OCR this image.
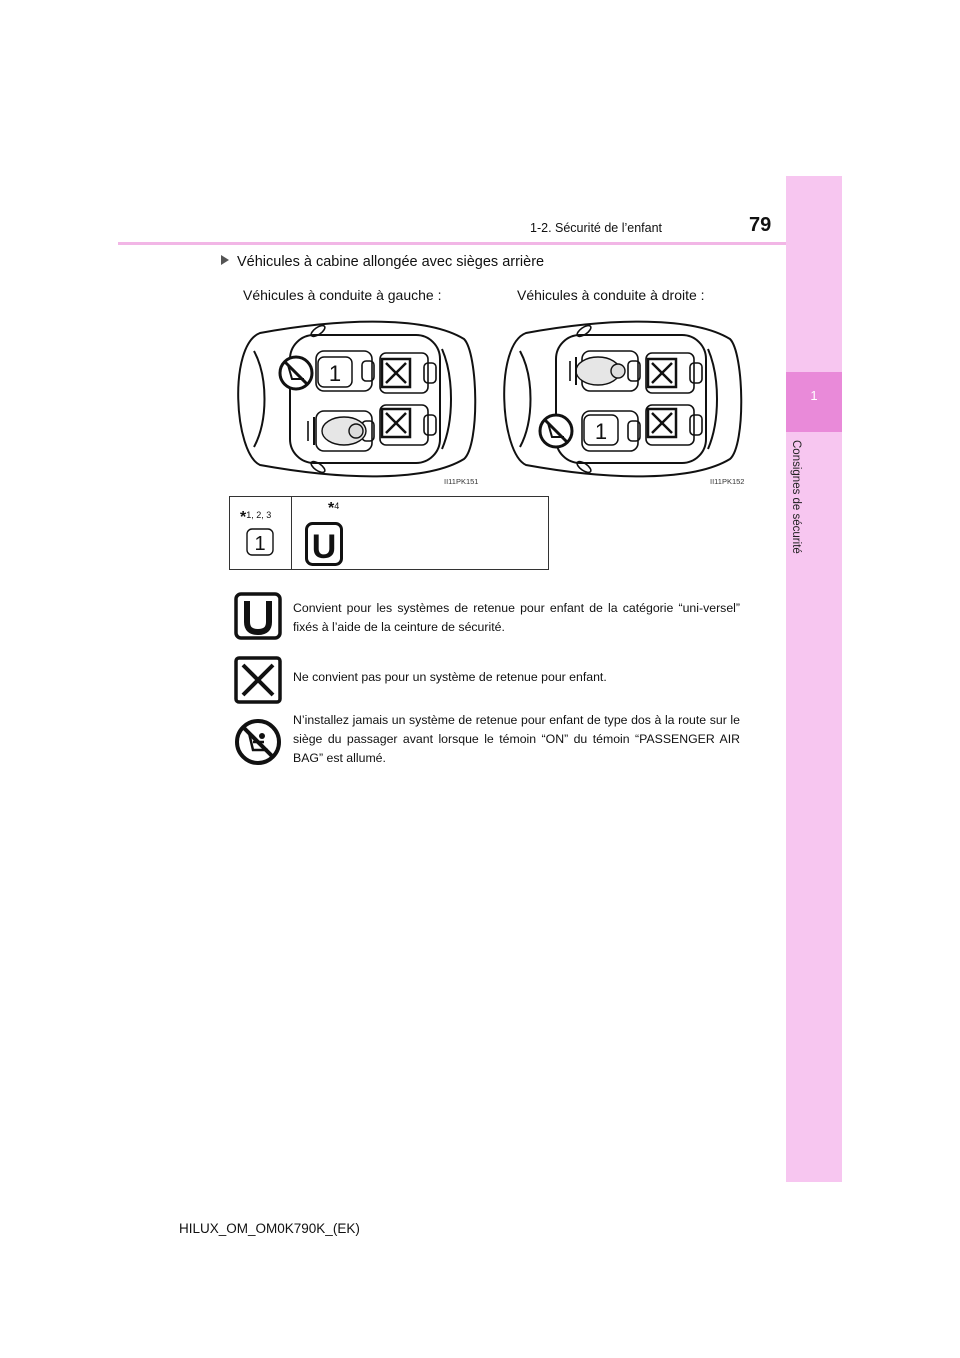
1-2. Sécurité de l’enfant	79
1
Consignes de sécurité
Véhicules à cabine allongée avec sièges arrière
Véhicules à conduite à gauche :	Véhicules à conduite à droite :
1
II11PK151
1
II11PK152
*1, 2, 3
1
*4
U
Convient pour les systèmes de retenue pour enfant de la catégorie “uni-versel” fixés à l’aide de la ceinture de sécurité.
Ne convient pas pour un système de retenue pour enfant.
N’installez jamais un système de retenue pour enfant de type dos à la route sur le siège du passager avant lorsque le témoin “ON” du témoin “PASSENGER AIR BAG” est allumé.
HILUX_OM_OM0K790K_(EK)
